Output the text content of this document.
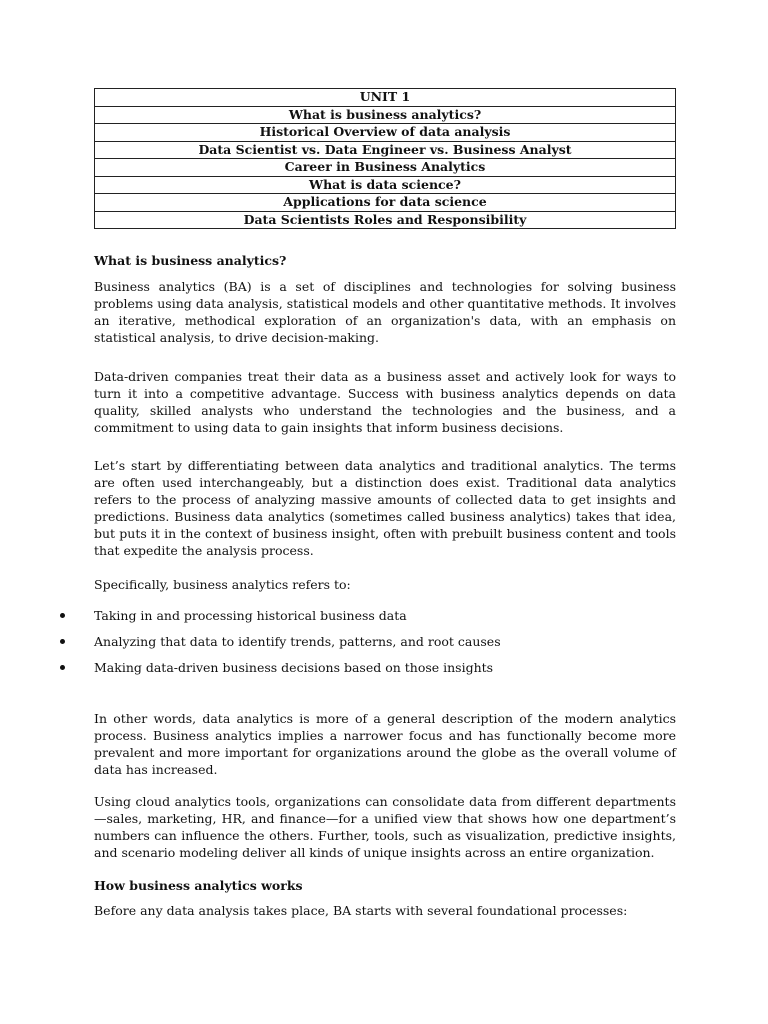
UNIT 1
What is business analytics?
Historical Overview of data analysis
Data Scientist vs. Data Engineer vs. Business Analyst
Career in Business Analytics
What is data science?
Applications for data science
Data Scientists Roles and Responsibility
What is business analytics?

Business analytics (BA) is a set of disciplines and technologies for solving business problems using data analysis, statistical models and other quantitative methods. It involves an iterative, methodical exploration of an organization's data, with an emphasis on statistical analysis, to drive decision-making.

Data-driven companies treat their data as a business asset and actively look for ways to turn it into a competitive advantage. Success with business analytics depends on data quality, skilled analysts who understand the technologies and the business, and a commitment to using data to gain insights that inform business decisions.

Let’s start by differentiating between data analytics and traditional analytics. The terms are often used interchangeably, but a distinction does exist. Traditional data analytics refers to the process of analyzing massive amounts of collected data to get insights and predictions. Business data analytics (sometimes called business analytics) takes that idea, but puts it in the context of business insight, often with prebuilt business content and tools that expedite the analysis process.

Specifically, business analytics refers to:

Taking in and processing historical business data
Analyzing that data to identify trends, patterns, and root causes
Making data-driven business decisions based on those insights

In other words, data analytics is more of a general description of the modern analytics process. Business analytics implies a narrower focus and has functionally become more prevalent and more important for organizations around the globe as the overall volume of data has increased.

Using cloud analytics tools, organizations can consolidate data from different departments—sales, marketing, HR, and finance—for a unified view that shows how one department’s numbers can influence the others. Further, tools, such as visualization, predictive insights, and scenario modeling deliver all kinds of unique insights across an entire organization.

How business analytics works

Before any data analysis takes place, BA starts with several foundational processes:
